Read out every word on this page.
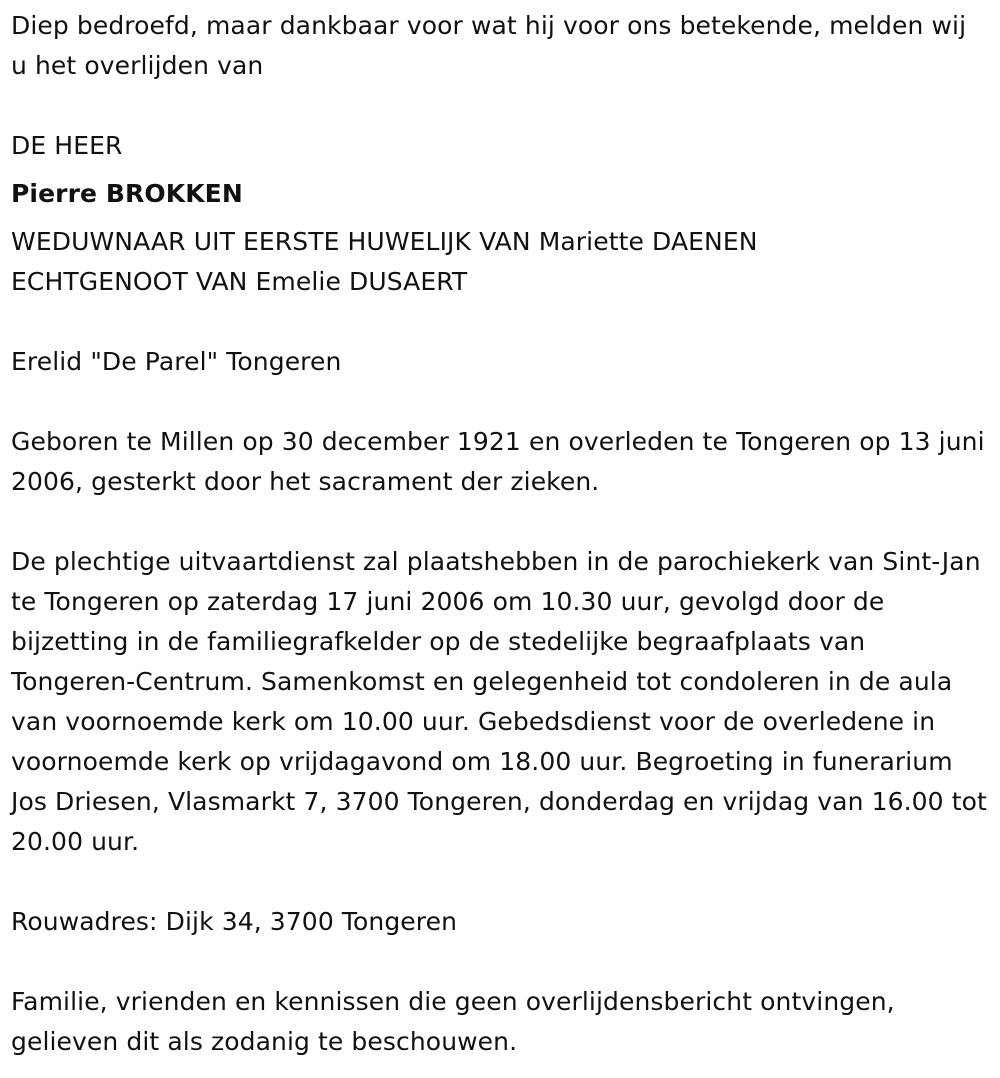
Diep bedroefd, maar dankbaar voor wat hij voor ons betekende, melden wij u het overlijden van

DE HEER

Pierre BROKKEN

WEDUWNAAR UIT EERSTE HUWELIJK VAN Mariette DAENEN

ECHTGENOOT VAN Emelie DUSAERT

Erelid "De Parel" Tongeren

Geboren te Millen op 30 december 1921 en overleden te Tongeren op 13 juni 2006, gesterkt door het sacrament der zieken.

De plechtige uitvaartdienst zal plaatshebben in de parochiekerk van Sint-Jan te Tongeren op zaterdag 17 juni 2006 om 10.30 uur, gevolgd door de bijzetting in de familiegrafkelder op de stedelijke begraafplaats van Tongeren-Centrum. Samenkomst en gelegenheid tot condoleren in de aula van voornoemde kerk om 10.00 uur. Gebedsdienst voor de overledene in voornoemde kerk op vrijdagavond om 18.00 uur. Begroeting in funerarium Jos Driesen, Vlasmarkt 7, 3700 Tongeren, donderdag en vrijdag van 16.00 tot 20.00 uur.

Rouwadres: Dijk 34, 3700 Tongeren

Familie, vrienden en kennissen die geen overlijdensbericht ontvingen, gelieven dit als zodanig te beschouwen.
